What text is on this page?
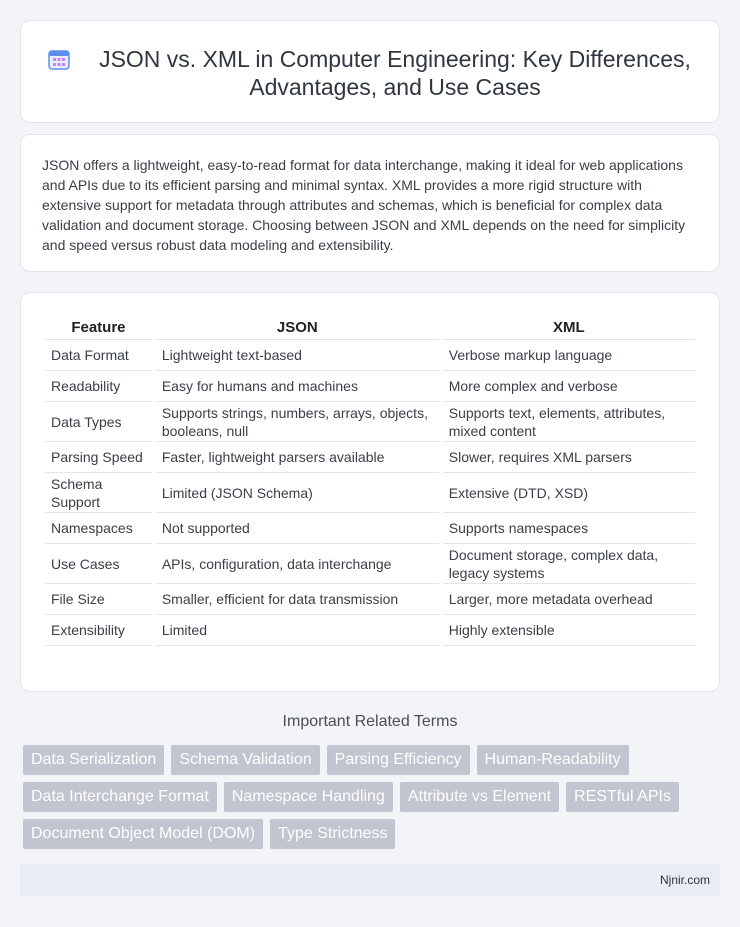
JSON vs. XML in Computer Engineering: Key Differences, Advantages, and Use Cases

JSON offers a lightweight, easy-to-read format for data interchange, making it ideal for web applications and APIs due to its efficient parsing and minimal syntax. XML provides a more rigid structure with extensive support for metadata through attributes and schemas, which is beneficial for complex data validation and document storage. Choosing between JSON and XML depends on the need for simplicity and speed versus robust data modeling and extensibility.

Feature	JSON	XML
Data Format	Lightweight text-based	Verbose markup language
Readability	Easy for humans and machines	More complex and verbose
Data Types	Supports strings, numbers, arrays, objects, booleans, null	Supports text, elements, attributes, mixed content
Parsing Speed	Faster, lightweight parsers available	Slower, requires XML parsers
Schema Support	Limited (JSON Schema)	Extensive (DTD, XSD)
Namespaces	Not supported	Supports namespaces
Use Cases	APIs, configuration, data interchange	Document storage, complex data, legacy systems
File Size	Smaller, efficient for data transmission	Larger, more metadata overhead
Extensibility	Limited	Highly extensible
Important Related Terms
Data Serialization	Schema Validation	Parsing Efficiency	Human-Readability
Data Interchange Format	Namespace Handling	Attribute vs Element	RESTful APIs
Document Object Model (DOM)	Type Strictness
Njnir.com
